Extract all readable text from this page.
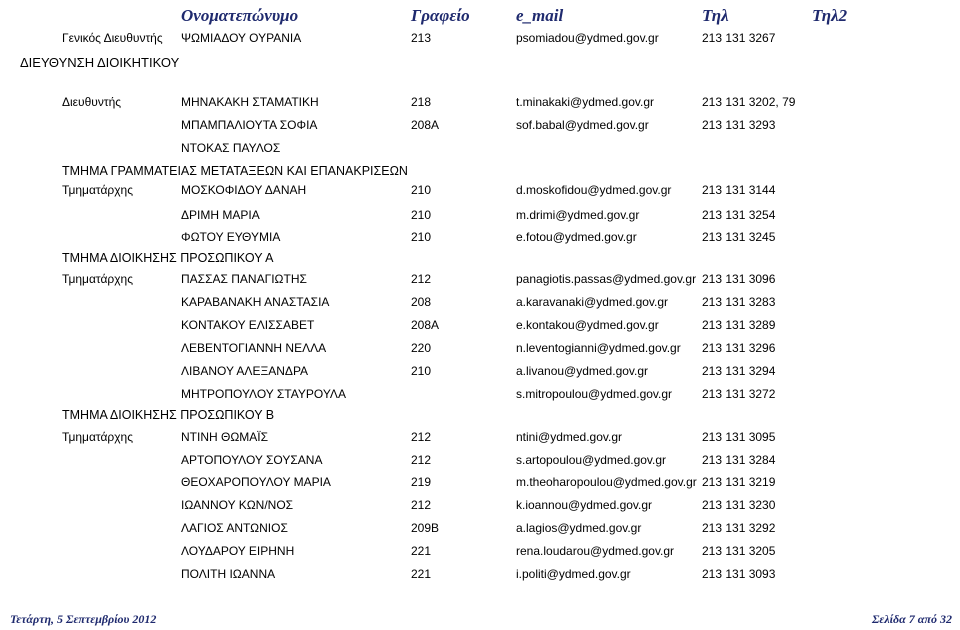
Ονοματεπώνυμο	Γραφείο	e_mail	Τηλ	Τηλ2
Γενικός Διευθυντής ΨΩΜΙΑΔΟΥ ΟΥΡΑΝΙΑ	213	psomiadou@ydmed.gov.gr	213 131 3267
ΔΙΕΥΘΥΝΣΗ ΔΙΟΙΚΗΤΙΚΟΥ
Διευθυντής	ΜΗΝΑΚΑΚΗ ΣΤΑΜΑΤΙΚΗ	218	t.minakaki@ydmed.gov.gr	213 131 3202, 79
ΜΠΑΜΠΑΛΙΟΥΤΑ ΣΟΦΙΑ	208Α	sof.babal@ydmed.gov.gr	213 131 3293
ΝΤΟΚΑΣ ΠΑΥΛΟΣ
ΤΜΗΜΑ ΓΡΑΜΜΑΤΕΙΑΣ ΜΕΤΑΤΑΞΕΩΝ ΚΑΙ ΕΠΑΝΑΚΡΙΣΕΩΝ
Τμηματάρχης	ΜΟΣΚΟΦΙΔΟΥ ΔΑΝΑΗ	210	d.moskofidou@ydmed.gov.gr	213 131 3144
ΔΡΙΜΗ ΜΑΡΙΑ	210	m.drimi@ydmed.gov.gr	213 131 3254
ΦΩΤΟΥ ΕΥΘΥΜΙΑ	210	e.fotou@ydmed.gov.gr	213 131 3245
ΤΜΗΜΑ ΔΙΟΙΚΗΣΗΣ ΠΡΟΣΩΠΙΚΟΥ Α
Τμηματάρχης	ΠΑΣΣΑΣ ΠΑΝΑΓΙΩΤΗΣ	212	panagiotis.passas@ydmed.gov.gr 213 131 3096
ΚΑΡΑΒΑΝΑΚΗ ΑΝΑΣΤΑΣΙΑ	208	a.karavanaki@ydmed.gov.gr	213 131 3283
ΚΟΝΤΑΚΟΥ ΕΛΙΣΣΑΒΕΤ	208Α	e.kontakou@ydmed.gov.gr	213 131 3289
ΛΕΒΕΝΤΟΓΙΑΝΝΗ ΝΕΛΛΑ	220	n.leventogianni@ydmed.gov.gr 213 131 3296
ΛΙΒΑΝΟΥ ΑΛΕΞΑΝΔΡΑ	210	a.livanou@ydmed.gov.gr	213 131 3294
ΜΗΤΡΟΠΟΥΛΟΥ ΣΤΑΥΡΟΥΛΑ	s.mitropoulou@ydmed.gov.gr 213 131 3272
ΤΜΗΜΑ ΔΙΟΙΚΗΣΗΣ ΠΡΟΣΩΠΙΚΟΥ Β
Τμηματάρχης	ΝΤΙΝΗ ΘΩΜΑΪΣ	212	ntini@ydmed.gov.gr	213 131 3095
ΑΡΤΟΠΟΥΛΟΥ ΣΟΥΣΑΝΑ	212	s.artopoulou@ydmed.gov.gr	213 131 3284
ΘΕΟΧΑΡΟΠΟΥΛΟΥ ΜΑΡΙΑ	219	m.theoharopoulou@ydmed.gov.gr 213 131 3219
ΙΩΑΝΝΟΥ ΚΩΝ/ΝΟΣ	212	k.ioannou@ydmed.gov.gr	213 131 3230
ΛΑΓΙΟΣ ΑΝΤΩΝΙΟΣ	209Β	a.lagios@ydmed.gov.gr	213 131 3292
ΛΟΥΔΑΡΟΥ ΕΙΡΗΝΗ	221	rena.loudarou@ydmed.gov.gr 213 131 3205
ΠΟΛΙΤΗ ΙΩΑΝΝΑ	221	i.politi@ydmed.gov.gr	213 131 3093
Τετάρτη, 5 Σεπτεμβρίου 2012	Σελίδα 7 από 32
